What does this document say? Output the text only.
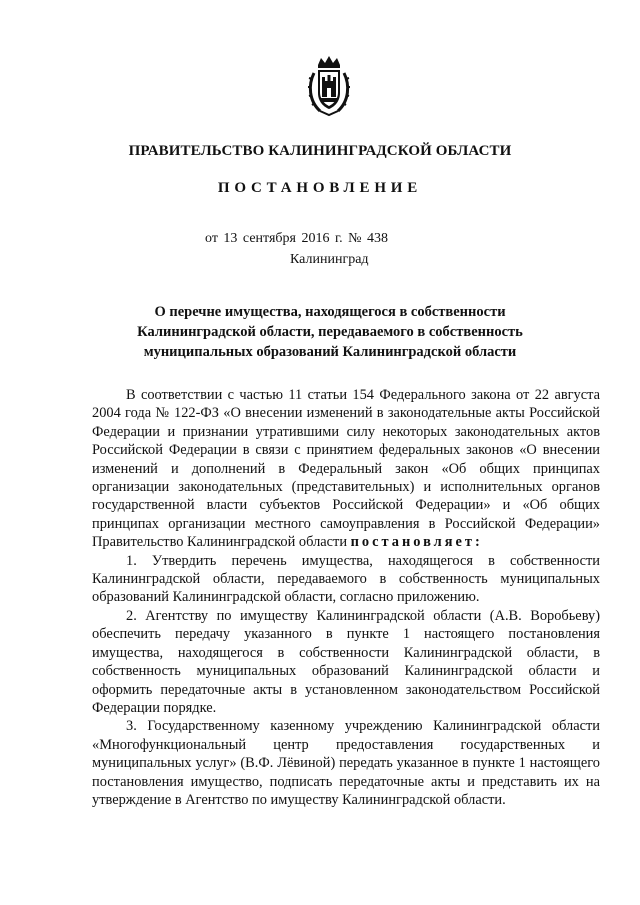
ПРАВИТЕЛЬСТВО КАЛИНИНГРАДСКОЙ ОБЛАСТИ
ПОСТАНОВЛЕНИЕ
от 13 сентября 2016 г. № 438
Калининград
О перечне имущества, находящегося в собственности
Калининградской области, передаваемого в собственность
муниципальных образований Калининградской области

В соответствии с частью 11 статьи 154 Федерального закона от 22 августа 2004 года № 122-ФЗ «О внесении изменений в законодательные акты Российской Федерации и признании утратившими силу некоторых законодательных актов Российской Федерации в связи с принятием федеральных законов «О внесении изменений и дополнений в Федеральный закон «Об общих принципах организации законодательных (представительных) и исполнительных органов государственной власти субъектов Российской Федерации» и «Об общих принципах организации местного самоуправления в Российской Федерации» Правительство Калининградской области постановляет:

1. Утвердить перечень имущества, находящегося в собственности Калининградской области, передаваемого в собственность муниципальных образований Калининградской области, согласно приложению.

2. Агентству по имуществу Калининградской области (А.В. Воробьеву) обеспечить передачу указанного в пункте 1 настоящего постановления имущества, находящегося в собственности Калининградской области, в собственность муниципальных образований Калининградской области и оформить передаточные акты в установленном законодательством Российской Федерации порядке.

3. Государственному казенному учреждению Калининградской области «Многофункциональный центр предоставления государственных и муниципальных услуг» (В.Ф. Лёвиной) передать указанное в пункте 1 настоящего постановления имущество, подписать передаточные акты и представить их на утверждение в Агентство по имуществу Калининградской области.
